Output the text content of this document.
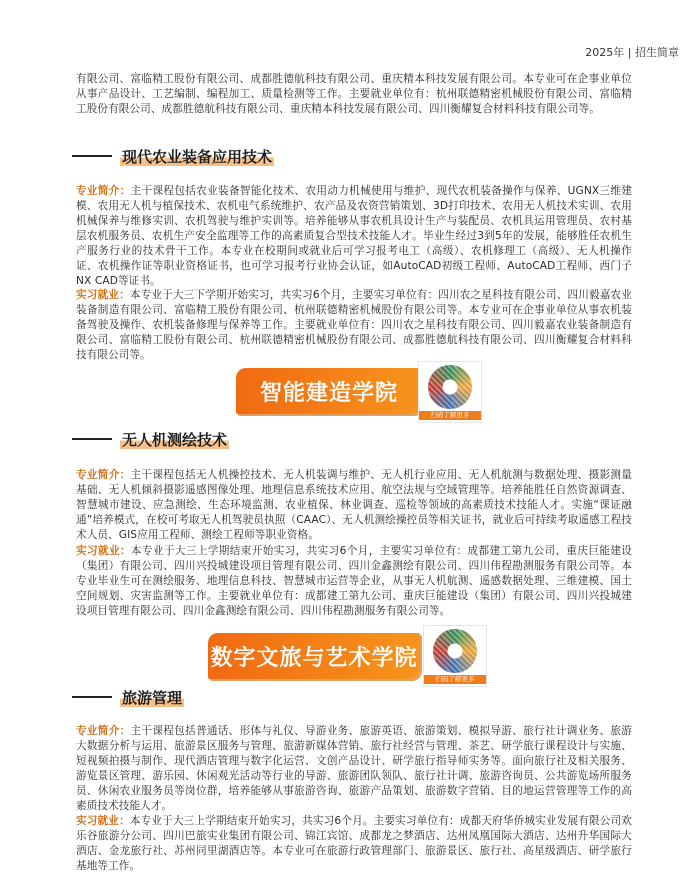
2025年 | 招生简章

有限公司、富临精工股份有限公司、成都胜德航科技有限公司、重庆精本科技发展有限公司。本专业可在企事业单位从事产品设计、工艺编制、编程加工、质量检测等工作。主要就业单位有：杭州联德精密机械股份有限公司、富临精工股份有限公司、成都胜德航科技有限公司、重庆精本科技发展有限公司、四川衡耀复合材料科技有限公司等。

现代农业装备应用技术

专业简介：主干课程包括农业装备智能化技术、农用动力机械使用与维护、现代农机装备操作与保养、UGNX三维建模、农用无人机与植保技术、农机电气系统维护、农产品及农资营销策划、3D打印技术、农用无人机技术实训、农用机械保养与维修实训、农机驾驶与维护实训等。培养能够从事农机具设计生产与装配员、农机具运用管理员、农村基层农机服务员、农机生产安全监理等工作的高素质复合型技术技能人才。毕业生经过3到5年的发展，能够胜任农机生产服务行业的技术骨干工作。本专业在校期间或就业后可学习报考电工（高级）、农机修理工（高级）、无人机操作证、农机操作证等职业资格证书，也可学习报考行业协会认证，如AutoCAD初级工程师、AutoCAD工程师、西门子NX CAD等证书。

实习就业：本专业于大三下学期开始实习，共实习6个月，主要实习单位有：四川农之星科技有限公司、四川毅嘉农业装备制造有限公司、富临精工股份有限公司、杭州联德精密机械股份有限公司等。本专业可在企事业单位从事农机装备驾驶及操作、农机装备修理与保养等工作。主要就业单位有：四川农之星科技有限公司、四川毅嘉农业装备制造有限公司、富临精工股份有限公司、杭州联德精密机械股份有限公司、成都胜德航科技有限公司、四川衡耀复合材料科技有限公司等。

智能建造学院
扫码了解更多
无人机测绘技术

专业简介：主干课程包括无人机操控技术、无人机装调与维护、无人机行业应用、无人机航测与数据处理、摄影测量基础、无人机倾斜摄影遥感图像处理、地理信息系统技术应用、航空法规与空域管理等。培养能胜任自然资源调查、智慧城市建设、应急测绘、生态环境监测、农业植保、林业调查、巡检等领域的高素质技术技能人才。实施“课证融通”培养模式，在校可考取无人机驾驶员执照（CAAC）、无人机测绘操控员等相关证书，就业后可持续考取遥感工程技术人员、GIS应用工程师、测绘工程师等职业资格。

实习就业：本专业于大三上学期结束开始实习，共实习6个月，主要实习单位有：成都建工第九公司、重庆巨能建设（集团）有限公司、四川兴投城建设项目管理有限公司、四川金鑫测绘有限公司、四川伟程勘测服务有限公司等。本专业毕业生可在测绘服务、地理信息科技、智慧城市运营等企业，从事无人机航测、遥感数据处理、三维建模、国土空间规划、灾害监测等工作。主要就业单位有：成都建工第九公司、重庆巨能建设（集团）有限公司、四川兴投城建设项目管理有限公司、四川金鑫测绘有限公司、四川伟程勘测服务有限公司等。

数字文旅与艺术学院
扫码了解更多
旅游管理

专业简介：主干课程包括普通话、形体与礼仪、导游业务、旅游英语、旅游策划、模拟导游、旅行社计调业务、旅游大数据分析与运用、旅游景区服务与管理、旅游新媒体营销、旅行社经营与管理、茶艺、研学旅行课程设计与实施、短视频拍摄与制作、现代酒店管理与数字化运营、文创产品设计、研学旅行指导师实务等。面向旅行社及相关服务、游览景区管理、游乐园、休闲观光活动等行业的导游、旅游团队领队、旅行社计调、旅游咨询员、公共游览场所服务员、休闲农业服务员等岗位群，培养能够从事旅游咨询、旅游产品策划、旅游数字营销、目的地运营管理等工作的高素质技术技能人才。

实习就业：本专业于大三上学期结束开始实习，共实习6个月。主要实习单位有：成都天府华侨城实业发展有限公司欢乐谷旅游分公司、四川巴旅实业集团有限公司、锦江宾馆、成都龙之梦酒店、达州凤凰国际大酒店、达州升华国际大酒店、金龙旅行社、苏州同里湖酒店等。本专业可在旅游行政管理部门、旅游景区、旅行社、高星级酒店、研学旅行基地等工作。
